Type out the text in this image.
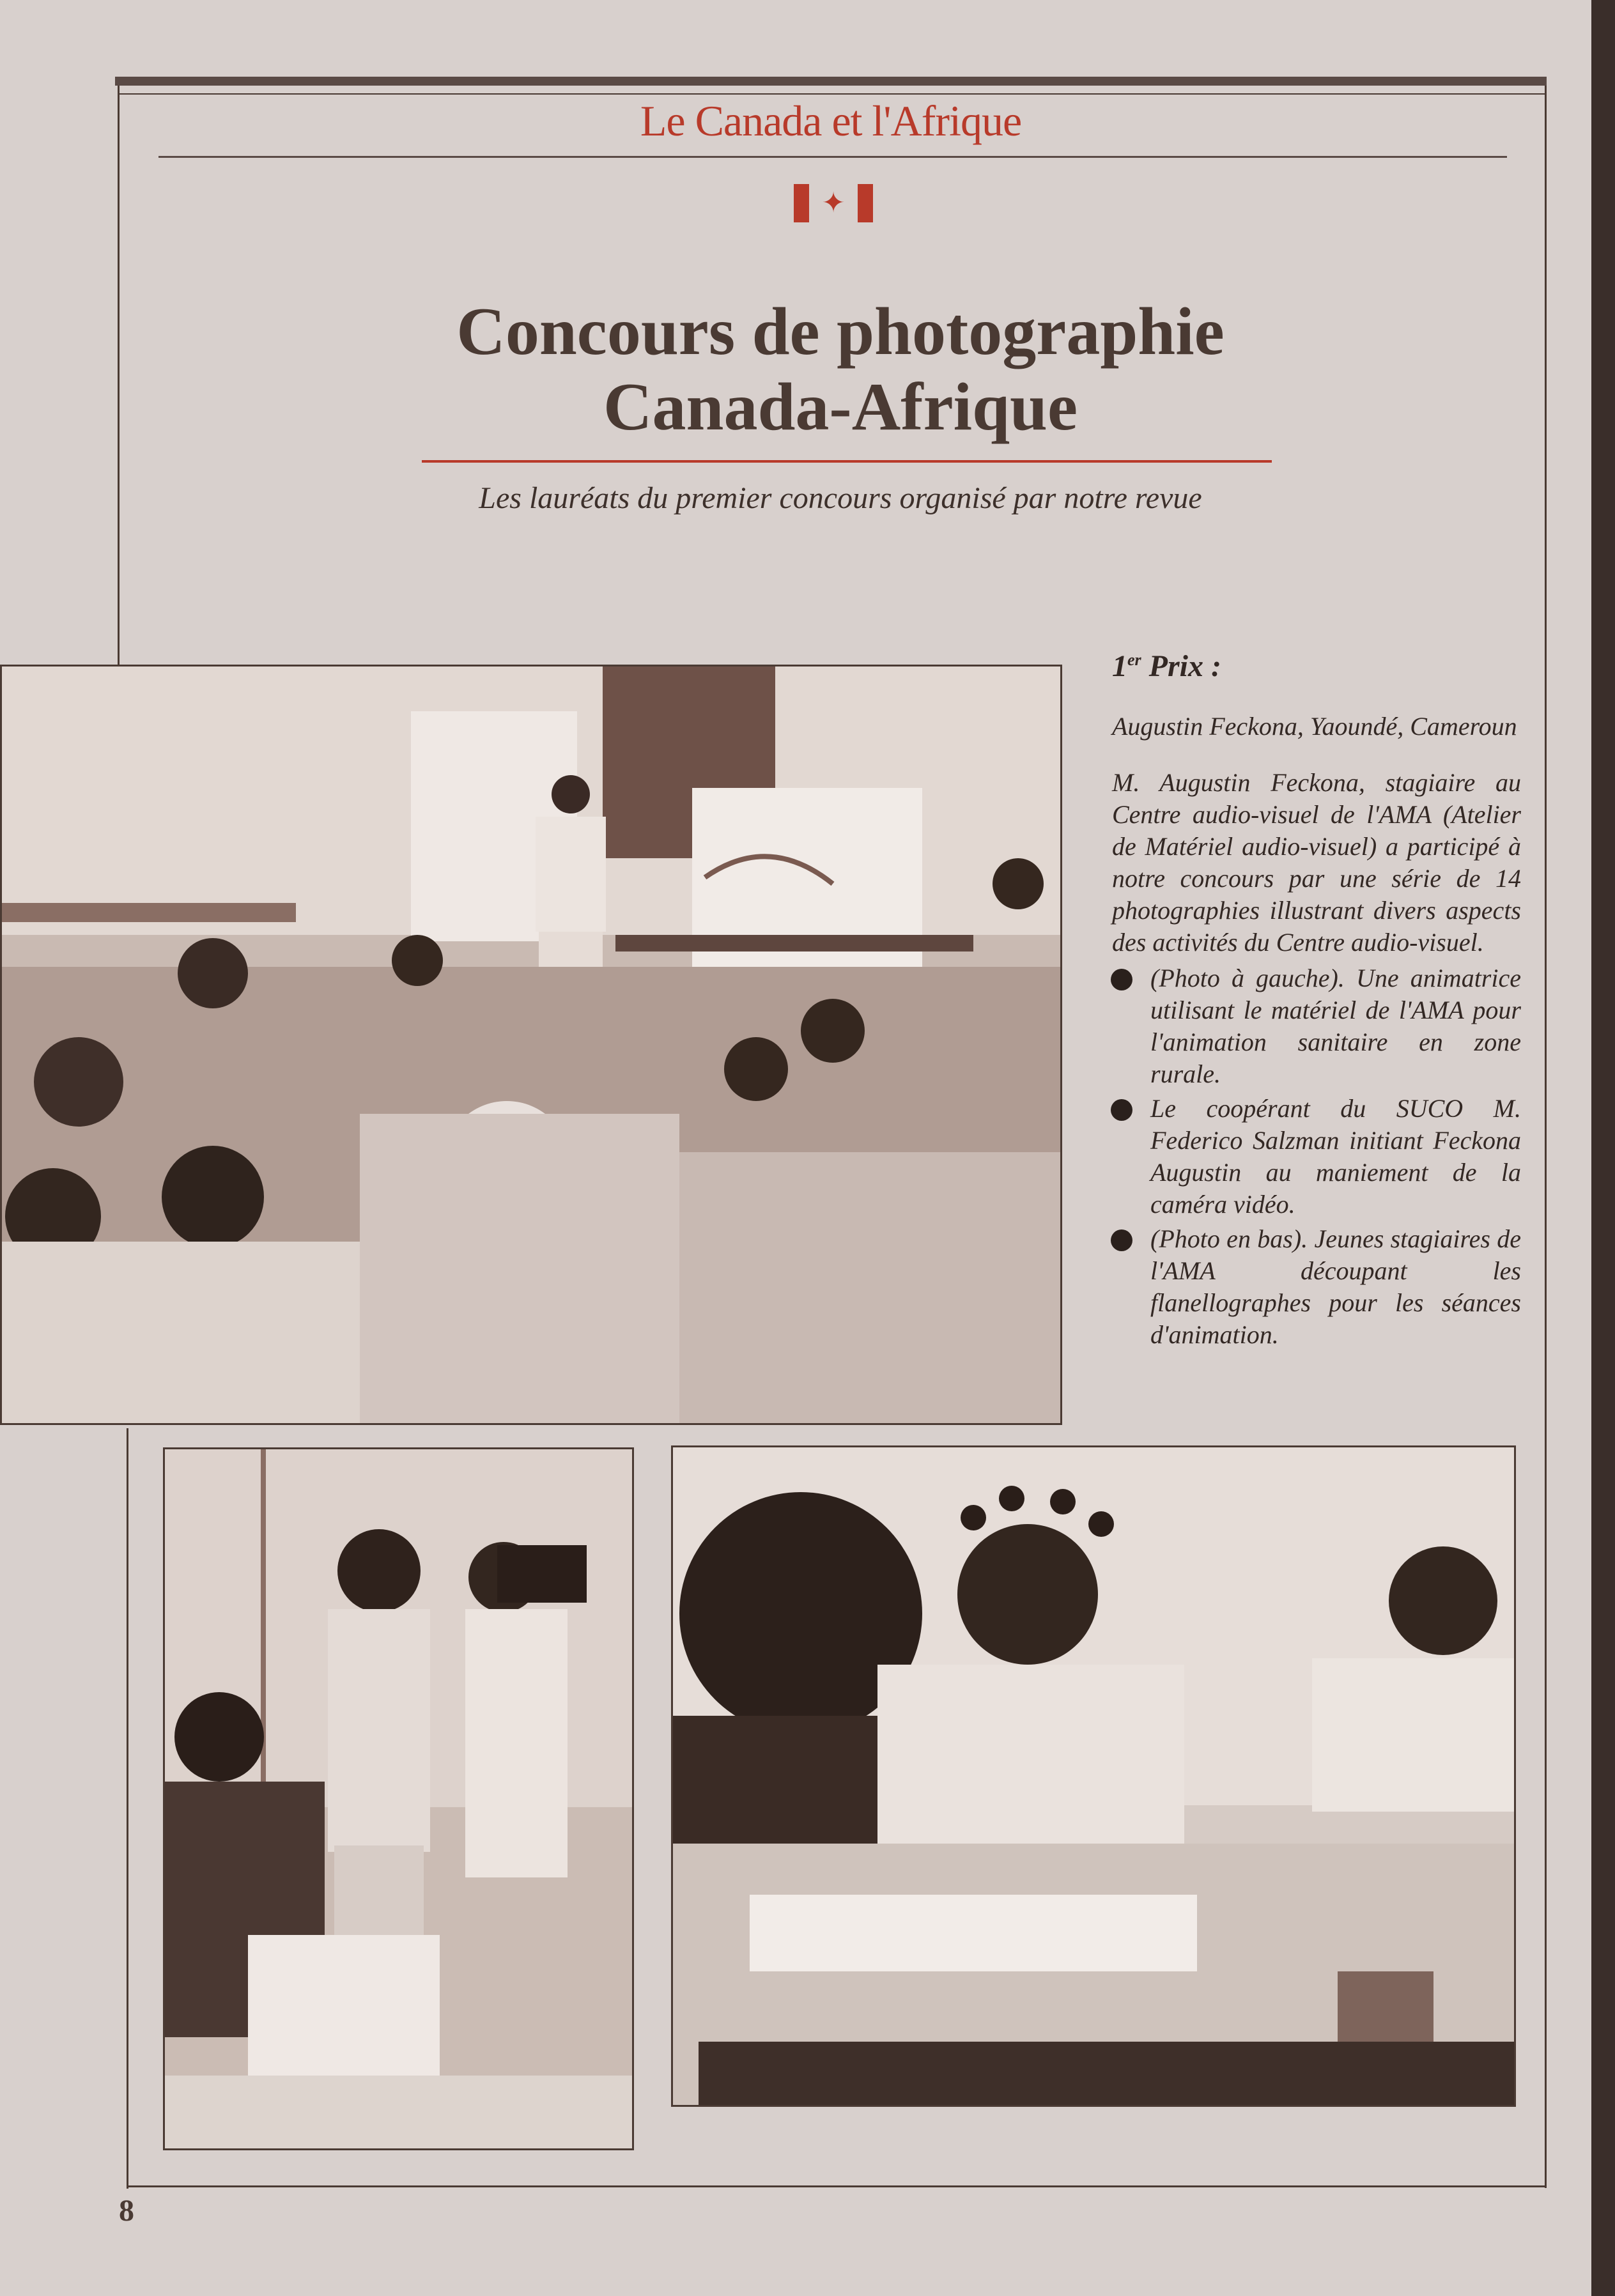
Le Canada et l'Afrique
✦
Concours de photographie
Canada-Afrique
Les lauréats du premier concours organisé par notre revue
1er Prix :
Augustin Feckona, Yaoundé, Cameroun
M. Augustin Feckona, stagiaire au Centre audio-visuel de l'AMA (Atelier de Matériel audio-visuel) a participé à notre concours par une série de 14 photographies illustrant divers aspects des activités du Centre audio-visuel.
(Photo à gauche). Une animatrice utilisant le matériel de l'AMA pour l'animation sanitaire en zone rurale.
Le coopérant du SUCO M. Federico Salzman initiant Feckona Augustin au maniement de la caméra vidéo.
(Photo en bas). Jeunes stagiaires de l'AMA découpant les flanellographes pour les séances d'animation.
8
